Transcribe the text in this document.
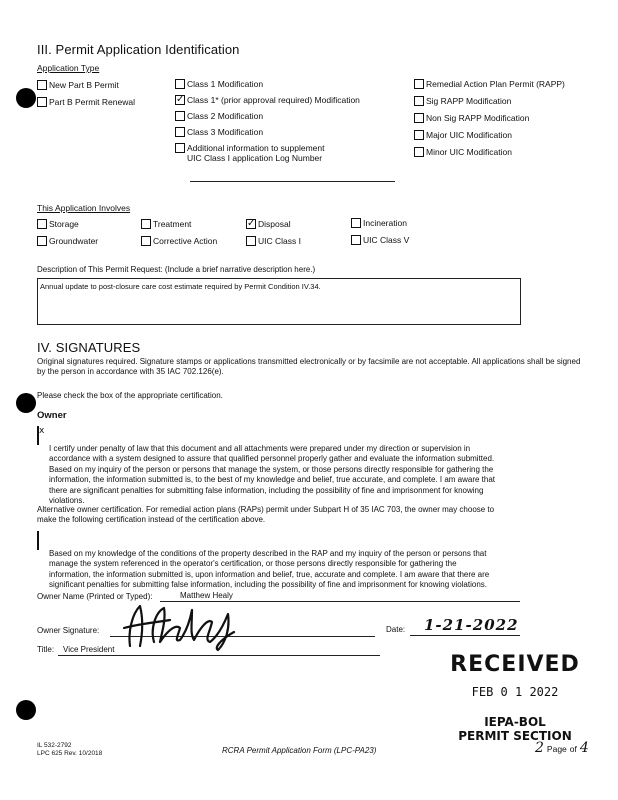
III. Permit Application Identification
Application Type
New Part B Permit
Part B Permit Renewal
Class 1 Modification
✓
Class 1* (prior approval required) Modification
Class 2 Modification
Class 3 Modification
Additional information to supplement
UIC Class I application Log Number
Remedial Action Plan Permit (RAPP)
Sig RAPP Modification
Non Sig RAPP Modification
Major UIC Modification
Minor UIC Modification
This Application Involves
Storage	Treatment
✓	Disposal	Incineration
Groundwater	Corrective Action	UIC Class I	UIC Class V
Description of This Permit Request: (Include a brief narrative description here.)
Annual update to post-closure care cost estimate required by Permit Condition IV.34.
IV. SIGNATURES
Original signatures required. Signature stamps or applications transmitted electronically or by facsimile are not acceptable. All applications shall be signed by the person in accordance with 35 IAC 702.126(e).
Please check the box of the appropriate certification.
Owner
x
I certify under penalty of law that this document and all attachments were prepared under my direction or supervision in
accordance with a system designed to assure that qualified personnel properly gather and evaluate the information submitted.
Based on my inquiry of the person or persons that manage the system, or those persons directly responsible for gathering the
information, the information submitted is, to the best of my knowledge and belief, true accurate, and complete. I am aware that
there are significant penalties for submitting false information, including the possibility of fine and imprisonment for knowing
violations.
Alternative owner certification. For remedial action plans (RAPs) permit under Subpart H of 35 IAC 703, the owner may choose to
make the following certification instead of the certification above.
Based on my knowledge of the conditions of the property described in the RAP and my inquiry of the person or persons that
manage the system referenced in the operator's certification, or those persons directly responsible for gathering the
information, the information submitted is, upon information and belief, true, accurate and complete. I am aware that there are
significant penalties for submitting false information, including the possibility of fine and imprisonment for knowing violations.
Owner Name (Printed or Typed):	Matthew Healy
Owner Signature:	Date: 1-21-2022
Title: Vice President
RECEIVED
FEB 0 1 2022
IEPA-BOL
PERMIT SECTION
IL 532-2792
LPC 625 Rev. 10/2018	RCRA Permit Application Form (LPC-PA23)	2 Page of 4
